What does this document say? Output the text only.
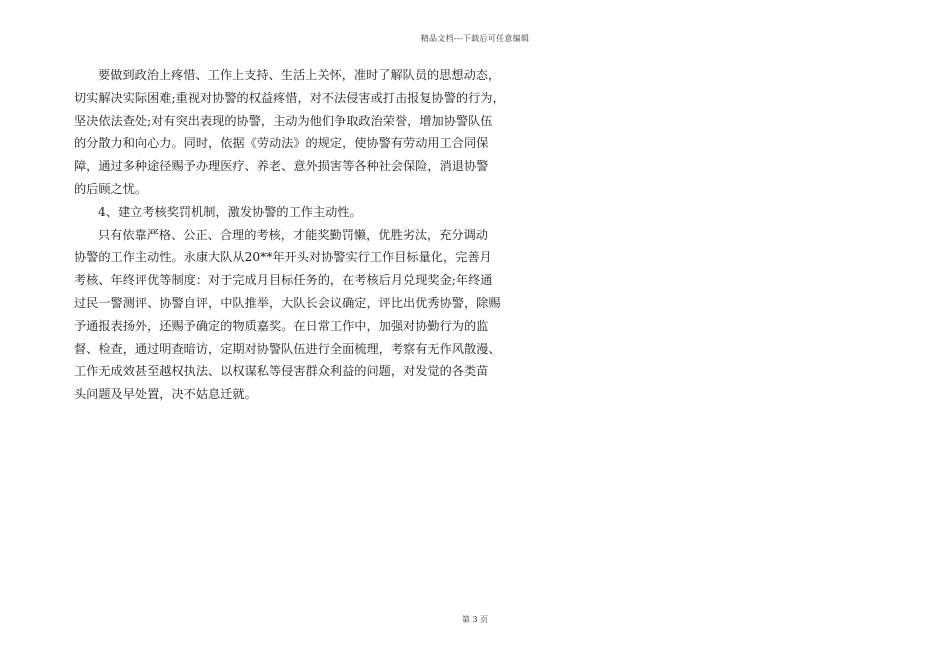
精品文档---下载后可任意编辑
要做到政治上疼惜、工作上支持、生活上关怀，准时了解队员的思想动态，
切实解决实际困难;重视对协警的权益疼惜，对不法侵害或打击报复协警的行为，
坚决依法查处;对有突出表现的协警，主动为他们争取政治荣誉，增加协警队伍
的分散力和向心力。同时，依据《劳动法》的规定，使协警有劳动用工合同保
障，通过多种途径赐予办理医疗、养老、意外损害等各种社会保险，消退协警
的后顾之忧。
4、建立考核奖罚机制，激发协警的工作主动性。
只有依靠严格、公正、合理的考核，才能奖勤罚懒，优胜劣汰，充分调动
协警的工作主动性。永康大队从20**年开头对协警实行工作目标量化，完善月
考核、年终评优等制度：对于完成月目标任务的，在考核后月兑现奖金;年终通
过民一警测评、协警自评，中队推举，大队长会议确定，评比出优秀协警，除赐
予通报表扬外，还赐予确定的物质嘉奖。在日常工作中，加强对协勤行为的监
督、检查，通过明查暗访，定期对协警队伍进行全面梳理，考察有无作风散漫、
工作无成效甚至越权执法、以权谋私等侵害群众利益的问题，对发觉的各类苗
头问题及早处置，决不姑息迁就。
第 3 页
